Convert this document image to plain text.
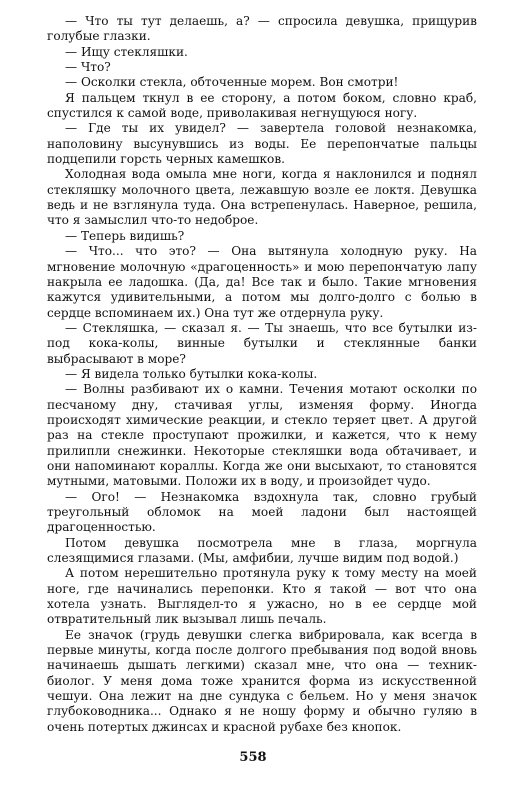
— Что ты тут делаешь, а? — спросила девушка, прищурив голубые глазки.

— Ищу стекляшки.

— Что?

— Осколки стекла, обточенные морем. Вон смотри!

Я пальцем ткнул в ее сторону, а потом боком, словно краб, спустился к самой воде, приволакивая негнущуюся ногу.

— Где ты их увидел? — завертела головой незнакомка, наполовину высунувшись из воды. Ее перепончатые пальцы подцепили горсть черных камешков.

Холодная вода омыла мне ноги, когда я наклонился и поднял стекляшку молочного цвета, лежавшую возле ее локтя. Девушка ведь и не взглянула туда. Она встрепенулась. Наверное, решила, что я замыслил что-то недоброе.

— Теперь видишь?

— Что... что это? — Она вытянула холодную руку. На мгновение молочную «драгоценность» и мою перепончатую лапу накрыла ее ладошка. (Да, да! Все так и было. Такие мгновения кажутся удивительными, а потом мы долго-долго с болью в сердце вспоминаем их.) Она тут же отдернула руку.

— Стекляшка, — сказал я. — Ты знаешь, что все бутылки из-под кока-колы, винные бутылки и стеклянные банки выбрасывают в море?

— Я видела только бутылки кока-колы.

— Волны разбивают их о камни. Течения мотают осколки по песчаному дну, стачивая углы, изменяя форму. Иногда происходят химические реакции, и стекло теряет цвет. А другой раз на стекле проступают прожилки, и кажется, что к нему прилипли снежинки. Некоторые стекляшки вода обтачивает, и они напоминают кораллы. Когда же они высыхают, то становятся мутными, матовыми. Положи их в воду, и произойдет чудо.

— Ого! — Незнакомка вздохнула так, словно грубый треугольный обломок на моей ладони был настоящей драгоценностью.

Потом девушка посмотрела мне в глаза, моргнула слезящимися глазами. (Мы, амфибии, лучше видим под водой.)

А потом нерешительно протянула руку к тому месту на моей ноге, где начинались перепонки. Кто я такой — вот что она хотела узнать. Выглядел-то я ужасно, но в ее сердце мой отвратительный лик вызывал лишь печаль.

Ее значок (грудь девушки слегка вибрировала, как всегда в первые минуты, когда после долгого пребывания под водой вновь начинаешь дышать легкими) сказал мне, что она — техник-биолог. У меня дома тоже хранится форма из искусственной чешуи. Она лежит на дне сундука с бельем. Но у меня значок глубоководника... Однако я не ношу форму и обычно гуляю в очень потертых джинсах и красной рубахе без кнопок.

558
